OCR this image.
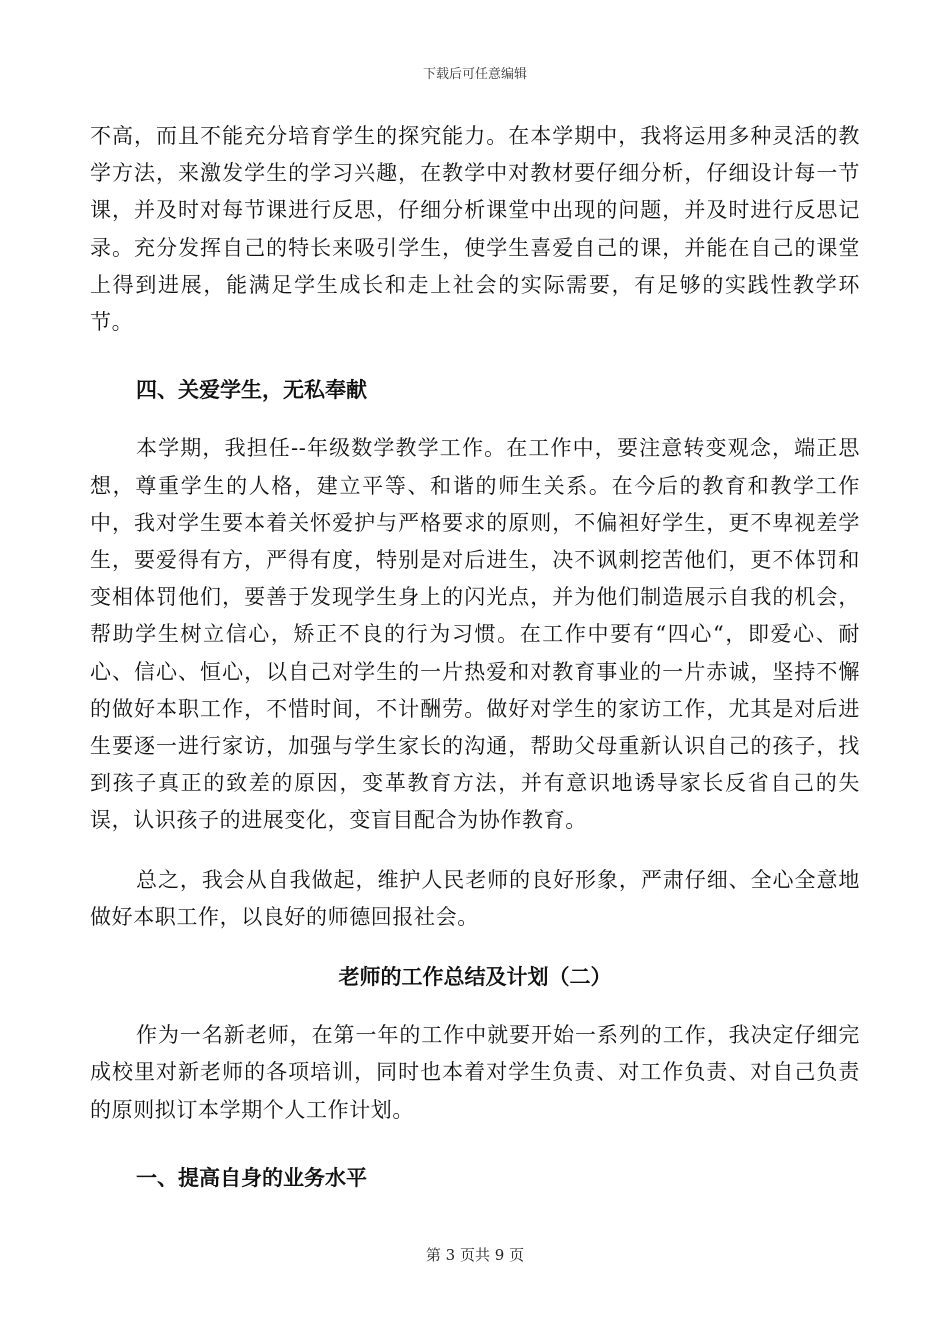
下载后可任意编辑

不高，而且不能充分培育学生的探究能力。在本学期中，我将运用多种灵活的教学方法，来激发学生的学习兴趣，在教学中对教材要仔细分析，仔细设计每一节课，并及时对每节课进行反思，仔细分析课堂中出现的问题，并及时进行反思记录。充分发挥自己的特长来吸引学生，使学生喜爱自己的课，并能在自己的课堂上得到进展，能满足学生成长和走上社会的实际需要，有足够的实践性教学环节。

四、关爱学生，无私奉献

本学期，我担任--年级数学教学工作。在工作中，要注意转变观念，端正思想，尊重学生的人格，建立平等、和谐的师生关系。在今后的教育和教学工作中，我对学生要本着关怀爱护与严格要求的原则，不偏袒好学生，更不卑视差学生，要爱得有方，严得有度，特别是对后进生，决不讽刺挖苦他们，更不体罚和变相体罚他们，要善于发现学生身上的闪光点，并为他们制造展示自我的机会，帮助学生树立信心，矫正不良的行为习惯。在工作中要有“四心“，即爱心、耐心、信心、恒心，以自己对学生的一片热爱和对教育事业的一片赤诚，坚持不懈的做好本职工作，不惜时间，不计酬劳。做好对学生的家访工作，尤其是对后进生要逐一进行家访，加强与学生家长的沟通，帮助父母重新认识自己的孩子，找到孩子真正的致差的原因，变革教育方法，并有意识地诱导家长反省自己的失误，认识孩子的进展变化，变盲目配合为协作教育。

总之，我会从自我做起，维护人民老师的良好形象，严肃仔细、全心全意地做好本职工作，以良好的师德回报社会。

老师的工作总结及计划（二）

作为一名新老师，在第一年的工作中就要开始一系列的工作，我决定仔细完成校里对新老师的各项培训，同时也本着对学生负责、对工作负责、对自己负责的原则拟订本学期个人工作计划。

一、提高自身的业务水平

第 3 页共 9 页
